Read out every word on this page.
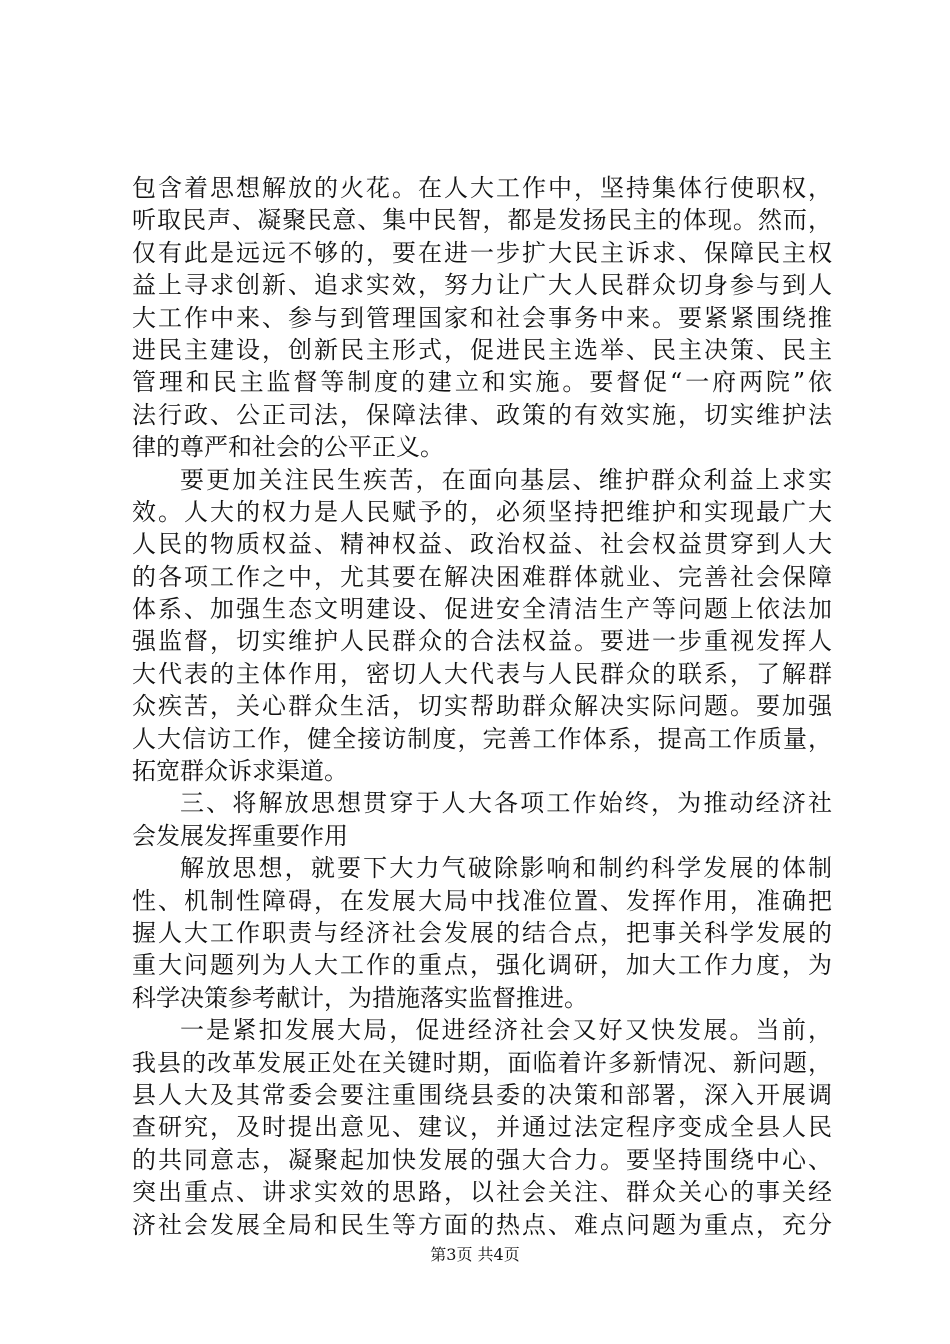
包含着思想解放的火花。在人大工作中，坚持集体行使职权，
听取民声、凝聚民意、集中民智，都是发扬民主的体现。然而，
仅有此是远远不够的，要在进一步扩大民主诉求、保障民主权
益上寻求创新、追求实效，努力让广大人民群众切身参与到人
大工作中来、参与到管理国家和社会事务中来。要紧紧围绕推
进民主建设，创新民主形式，促进民主选举、民主决策、民主
管理和民主监督等制度的建立和实施。要督促“一府两院”依
法行政、公正司法，保障法律、政策的有效实施，切实维护法
律的尊严和社会的公平正义。
要更加关注民生疾苦，在面向基层、维护群众利益上求实
效。人大的权力是人民赋予的，必须坚持把维护和实现最广大
人民的物质权益、精神权益、政治权益、社会权益贯穿到人大
的各项工作之中，尤其要在解决困难群体就业、完善社会保障
体系、加强生态文明建设、促进安全清洁生产等问题上依法加
强监督，切实维护人民群众的合法权益。要进一步重视发挥人
大代表的主体作用，密切人大代表与人民群众的联系，了解群
众疾苦，关心群众生活，切实帮助群众解决实际问题。要加强
人大信访工作，健全接访制度，完善工作体系，提高工作质量，
拓宽群众诉求渠道。
三、将解放思想贯穿于人大各项工作始终，为推动经济社
会发展发挥重要作用
解放思想，就要下大力气破除影响和制约科学发展的体制
性、机制性障碍，在发展大局中找准位置、发挥作用，准确把
握人大工作职责与经济社会发展的结合点，把事关科学发展的
重大问题列为人大工作的重点，强化调研，加大工作力度，为
科学决策参考献计，为措施落实监督推进。
一是紧扣发展大局，促进经济社会又好又快发展。当前，
我县的改革发展正处在关键时期，面临着许多新情况、新问题，
县人大及其常委会要注重围绕县委的决策和部署，深入开展调
查研究，及时提出意见、建议，并通过法定程序变成全县人民
的共同意志，凝聚起加快发展的强大合力。要坚持围绕中心、
突出重点、讲求实效的思路，以社会关注、群众关心的事关经
济社会发展全局和民生等方面的热点、难点问题为重点，充分
第3页 共4页
